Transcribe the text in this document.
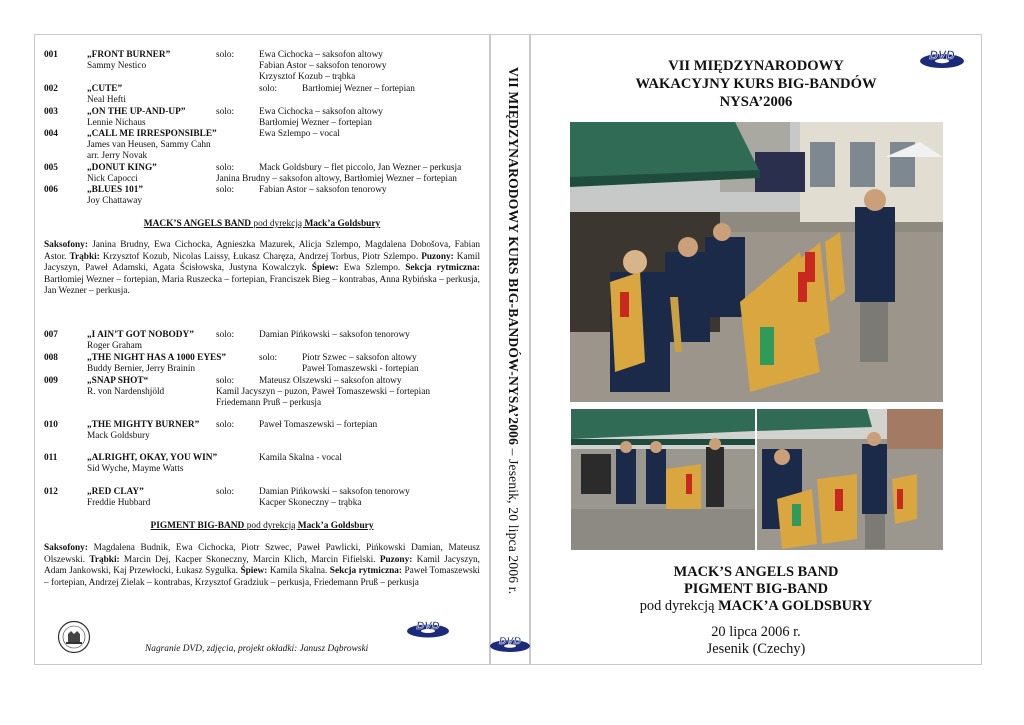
001	„FRONT BURNER”
Sammy Nestico
solo:	Ewa Cichocka – saksofon altowy
Fabian Astor – saksofon tenorowy
Krzysztof Kozub – trąbka
002	„CUTE”
Neal Hefti
solo:	Bartłomiej Wezner – fortepian
003	„ON THE UP-AND-UP”
Lennie Nichaus
solo:	Ewa Cichocka – saksofon altowy
Bartłomiej Wezner – fortepian
004	„CALL ME IRRESPONSIBLE”
James van Heusen, Sammy Cahn
arr. Jerry Novak
Ewa Szlempo – vocal
005	„DONUT KING”
Nick Capocci
solo:	Mack Goldsbury – flet piccolo, Jan Wezner – perkusja
Janina Brudny – saksofon altowy, Bartłomiej Wezner – fortepian
006	„BLUES 101”
Joy Chattaway
solo:	Fabian Astor – saksofon tenorowy
MACK’S ANGELS BAND pod dyrekcją Mack’a Goldsbury

Saksofony: Janina Brudny, Ewa Cichocka, Agnieszka Mazurek, Alicja Szlempo, Magdalena Dobošova, Fabian Astor. Trąbki: Krzysztof Kozub, Nicolas Laissy, Łukasz Charęza, Andrzej Torbus, Piotr Szlempo. Puzony: Kamil Jacyszyn, Paweł Adamski, Agata Ścisłowska, Justyna Kowalczyk. Śpiew: Ewa Szlempo. Sekcja rytmiczna: Bartłomiej Wezner – fortepian, Maria Ruszecka – fortepian, Franciszek Bieg – kontrabas, Anna Rybińska – perkusja, Jan Wezner – perkusja.

007	„I AIN’T GOT NOBODY”
Roger Graham
solo:	Damian Pińkowski – saksofon tenorowy
008	„THE NIGHT HAS A 1000 EYES”
Buddy Bernier, Jerry Brainin
solo:	Piotr Szwec – saksofon altowy
Paweł Tomaszewski - fortepian
009	„SNAP SHOT“
R. von Nardenshjöld
solo:	Mateusz Olszewski – saksofon altowy
Kamil Jacyszyn – puzon, Paweł Tomaszewski – fortepian
Friedemann Pruß – perkusja
010	„THE MIGHTY BURNER”
Mack Goldsbury
solo:	Paweł Tomaszewski – fortepian
011	„ALRIGHT, OKAY, YOU WIN”
Sid Wyche, Mayme Watts
Kamila Skalna - vocal
012	„RED CLAY”
Freddie Hubbard
solo:	Damian Pińkowski – saksofon tenorowy
Kacper Skoneczny – trąbka
PIGMENT BIG-BAND pod dyrekcją Mack’a Goldsbury

Saksofony: Magdalena Budnik, Ewa Cichocka, Piotr Szwec, Paweł Pawlicki, Pińkowski Damian, Mateusz Olszewski. Trąbki: Marcin Dej, Kacper Skoneczny, Marcin Klich, Marcin Fifielski. Puzony: Kamil Jacyszyn, Adam Jankowski, Kaj Przewłocki, Łukasz Sygulka. Śpiew: Kamila Skalna. Sekcja rytmiczna: Paweł Tomaszewski – fortepian, Andrzej Zielak – kontrabas, Krzysztof Gradziuk – perkusja, Friedemann Pruß – perkusja

Nagranie DVD, zdjęcia, projekt okładki: Janusz Dąbrowski
DVD
VII MIĘDZYNARODOWY KURS BIG-BANDÓW-NYSA’2006 – Jesenik, 20 lipca 2006 r.
DVD
DVD
VII MIĘDZYNARODOWY
WAKACYJNY KURS BIG-BANDÓW
NYSA’2006
MACK’S ANGELS BAND
PIGMENT BIG-BAND
pod dyrekcją MACK’A GOLDSBURY
20 lipca 2006 r.
Jesenik (Czechy)
